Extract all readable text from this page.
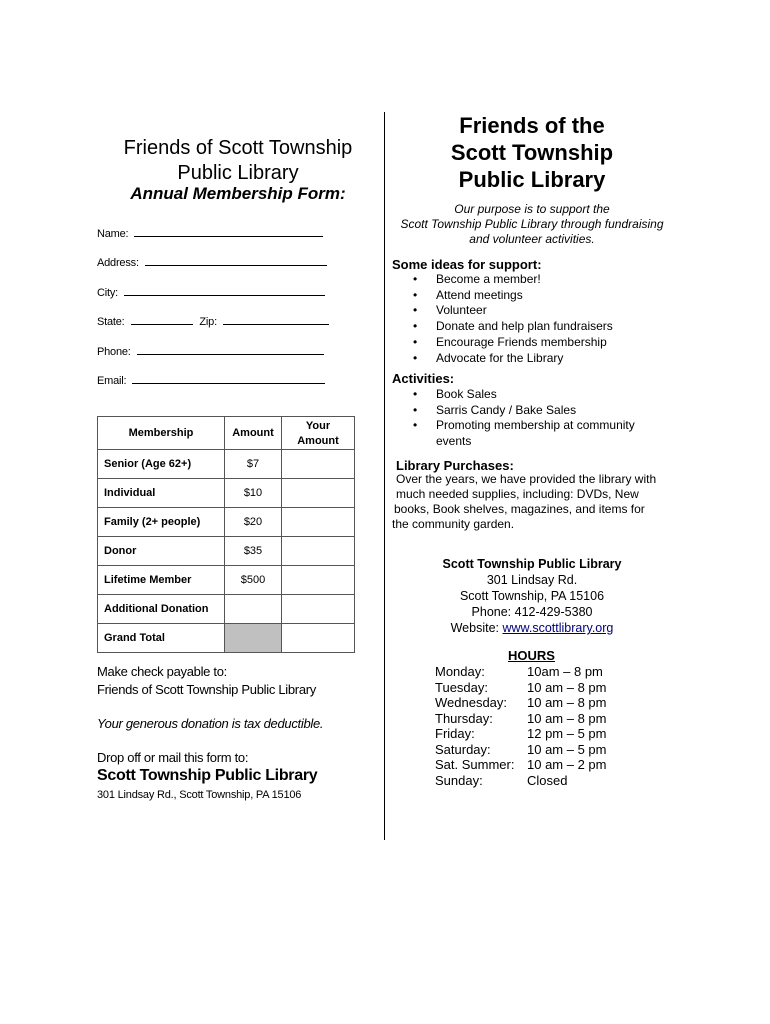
Friends of Scott Township
Public Library
Annual Membership Form:
Name:
Address:
City:
State:	Zip:
Phone:
Email:
Membership	Amount	Your Amount
Senior (Age 62+)	$7	
Individual	$10	
Family (2+ people)	$20	
Donor	$35	
Lifetime Member	$500	
Additional Donation		
Grand Total		
Make check payable to:
Friends of Scott Township Public Library
Your generous donation is tax deductible.
Drop off or mail this form to:
Scott Township Public Library
301 Lindsay Rd., Scott Township, PA 15106
Friends of the
Scott Township
Public Library
Our purpose is to support the
Scott Township Public Library through fundraising
and volunteer activities.
Some ideas for support:
• Become a member!
• Attend meetings
• Volunteer
• Donate and help plan fundraisers
• Encourage Friends membership
• Advocate for the Library
Activities:
• Book Sales
• Sarris Candy / Bake Sales
• Promoting membership at community events
Library Purchases:
Over the years, we have provided the library with
much needed supplies, including: DVDs, New
books, Book shelves, magazines, and items for
the community garden.
Scott Township Public Library
301 Lindsay Rd.
Scott Township, PA 15106
Phone: 412-429-5380
Website: www.scottlibrary.org
HOURS
Monday:	10am – 8 pm
Tuesday:	10 am – 8 pm
Wednesday:	10 am – 8 pm
Thursday:	10 am – 8 pm
Friday:	12 pm – 5 pm
Saturday:	10 am – 5 pm
Sat. Summer:	10 am – 2 pm
Sunday:	Closed
